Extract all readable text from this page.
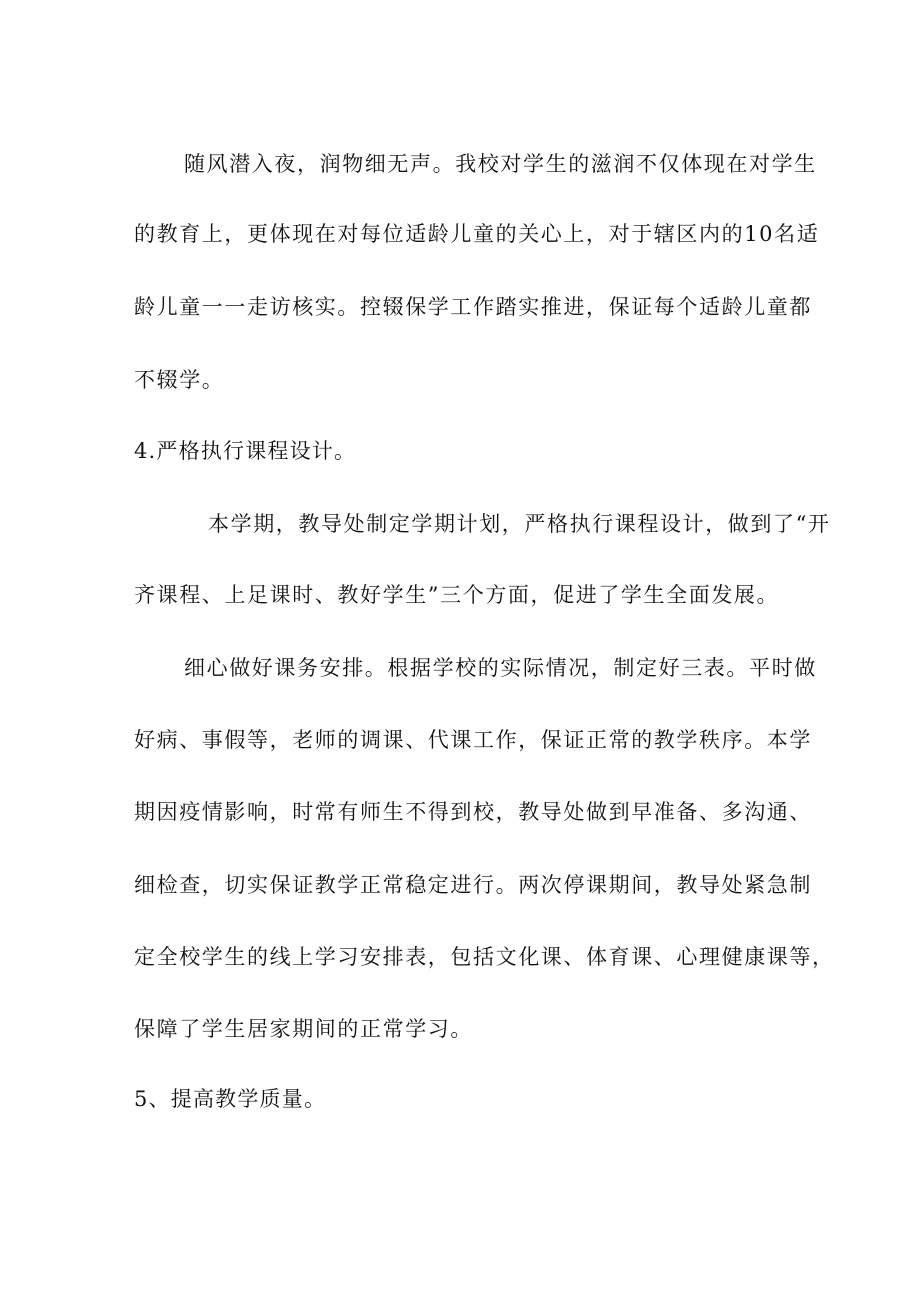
随风潜入夜，润物细无声。我校对学生的滋润不仅体现在对学生
的教育上，更体现在对每位适龄儿童的关心上，对于辖区内的10名适
龄儿童一一走访核实。控辍保学工作踏实推进，保证每个适龄儿童都
不辍学。
4.严格执行课程设计。
本学期，教导处制定学期计划，严格执行课程设计，做到了“开
齐课程、上足课时、教好学生”三个方面，促进了学生全面发展。
细心做好课务安排。根据学校的实际情况，制定好三表。平时做
好病、事假等，老师的调课、代课工作，保证正常的教学秩序。本学
期因疫情影响，时常有师生不得到校，教导处做到早准备、多沟通、
细检查，切实保证教学正常稳定进行。两次停课期间，教导处紧急制
定全校学生的线上学习安排表，包括文化课、体育课、心理健康课等，
保障了学生居家期间的正常学习。
5、提高教学质量。
